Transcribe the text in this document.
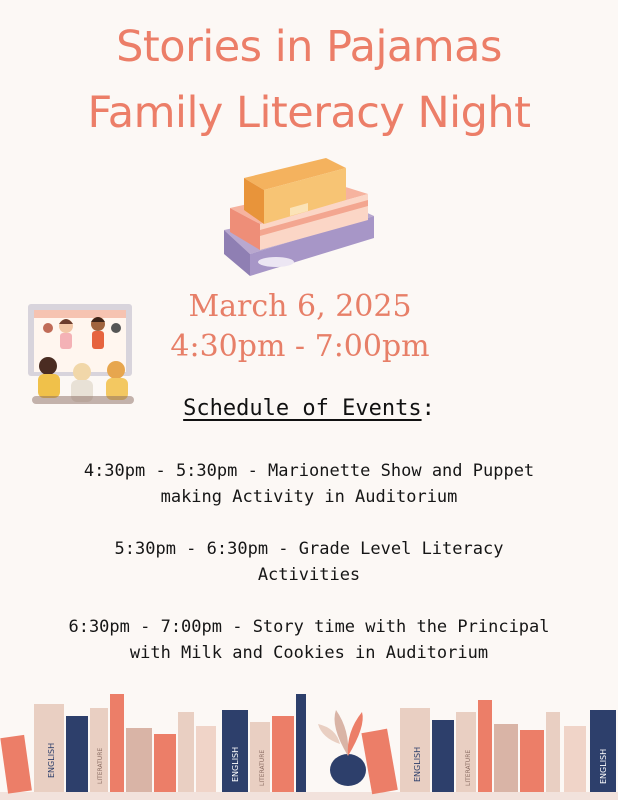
Stories in Pajamas
Family Literacy Night
March 6, 2025
4:30pm - 7:00pm
Schedule of Events:
4:30pm - 5:30pm - Marionette Show and Puppet
making Activity in Auditorium
5:30pm - 6:30pm - Grade Level Literacy
Activities
6:30pm - 7:00pm - Story time with the Principal
with Milk and Cookies in Auditorium
ENGLISH	LITERATURE	ENGLISH	LITERATURE	ENGLISH	LITERATURE	ENGLISH
